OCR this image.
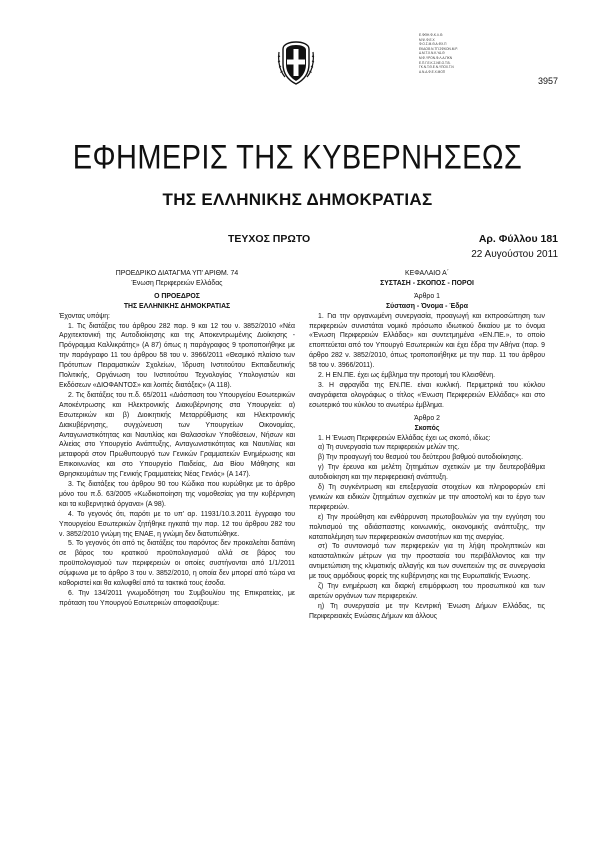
Ε.ΦΘΗ.Φ-Κ.Λ.Θ.
Μ.Ψ.Φ.Ε.Χ
Φ.Ο.Σ.Μ.Θ.Α.ΦΧ.Π
ΕΚΔΟΘ.Ν.ΤΠ.ΣΦΚΟΝ.Μ.Ρ.
Δ.Μ.Τ.Χ.Ν.Κ.ΥΔ.Θ
Μ.Φ.ΥΡΟΝ.Φ.Λ.Α.ΠΚΝ
Ε.Π.Γ.Ε.Κ.Σ.ΝΕ.Ο.Τ.Β.
ΓΚ.Ν.Τ.Θ.Ε.Ν.ΥΠΟΧ.Τ.Ν
Α.Ν.Δ.Φ.Ε.Χ.ΜΟΠ
3957
ΕΦΗΜΕΡΙΣ ΤΗΣ ΚΥΒΕΡΝΗΣΕΩΣ
ΤΗΣ ΕΛΛΗΝΙΚΗΣ ΔΗΜΟΚΡΑΤΙΑΣ
ΤΕΥΧΟΣ ΠΡΩΤΟ	Αρ. Φύλλου 181
22 Αυγούστου 2011

ΠΡΟΕΔΡΙΚΟ ΔΙΑΤΑΓΜΑ ΥΠ’ ΑΡΙΘΜ. 74

Ένωση Περιφερειών Ελλάδας

Ο ΠΡΟΕΔΡΟΣ

ΤΗΣ ΕΛΛΗΝΙΚΗΣ ΔΗΜΟΚΡΑΤΙΑΣ

Έχοντας υπόψη:

1. Τις διατάξεις του άρθρου 282 παρ. 9 και 12 του ν. 3852/2010 «Νέα Αρχιτεκτονική της Αυτοδιοίκησης και της Αποκεντρωμένης Διοίκησης - Πρόγραμμα Καλλικράτης» (Α 87) όπως η παράγραφος 9 τροποποιήθηκε με την παράγραφο 11 του άρθρου 58 του ν. 3966/2011 «Θεσμικό πλαίσιο των Πρότυπων Πειραματικών Σχολείων, Ίδρυση Ινστιτούτου Εκπαιδευτικής Πολιτικής, Οργάνωση του Ινστιτούτου Τεχνολογίας Υπολογιστών και Εκδόσεων «ΔΙΟΦΑΝΤΟΣ» και λοιπές διατάξεις» (Α 118).

2. Τις διατάξεις του π.δ. 65/2011 «Διάσπαση του Υπουργείου Εσωτερικών Αποκέντρωσης και Ηλεκτρονικής Διακυβέρνησης στα Υπουργεία: α) Εσωτερικών και β) Διοικητικής Μεταρρύθμισης και Ηλεκτρονικής Διακυβέρνησης, συγχώνευση των Υπουργείων Οικονομίας, Ανταγωνιστικότητας και Ναυτιλίας και Θαλασσίων Υποθέσεων, Νήσων και Αλιείας στο Υπουργείο Ανάπτυξης, Ανταγωνιστικότητας και Ναυτιλίας και μεταφορά στον Πρωθυπουργό των Γενικών Γραμματειών Ενημέρωσης και Επικοινωνίας και στο Υπουργείο Παιδείας, Δια Βίου Μάθησης και Θρησκευμάτων της Γενικής Γραμματείας Νέας Γενιάς» (Α 147).

3. Τις διατάξεις του άρθρου 90 του Κώδικα που κυρώθηκε με το άρθρο μόνο του π.δ. 63/2005 «Κωδικοποίηση της νομοθεσίας για την κυβέρνηση και τα κυβερνητικά όργανα» (Α 98).

4. Το γεγονός ότι, παρότι με το υπ’ αρ. 11931/10.3.2011 έγγραφο του Υπουργείου Εσωτερικών ζητήθηκε ηγκατά την παρ. 12 του άρθρου 282 του ν. 3852/2010 γνώμη της ΕΝΑΕ, η γνώμη δεν διατυπώθηκε.

5. Το γεγονός ότι από τις διατάξεις του παρόντος δεν προκαλείται δαπάνη σε βάρος του κρατικού προϋπολογισμού αλλά σε βάρος του προϋπολογισμού των περιφερειών οι οποίες συστήνονται από 1/1/2011 σύμφωνα με το άρθρο 3 του ν. 3852/2010, η οποία δεν μπορεί από τώρα να καθοριστεί και θα καλυφθεί από τα τακτικά τους έσοδα.

6. Την 134/2011 γνωμοδότηση του Συμβουλίου της Επικρατείας, με πρόταση του Υπουργού Εσωτερικών αποφασίζουμε:

ΚΕΦΑΛΑΙΟ Α΄

ΣΥΣΤΑΣΗ - ΣΚΟΠΟΣ - ΠΟΡΟΙ

Άρθρο 1

Σύσταση - Όνομα - Έδρα

1. Για την οργανωμένη συνεργασία, προαγωγή και εκπροσώπηση των περιφερειών συνιστάται νομικό πρόσωπο ιδιωτικού δικαίου με το όνομα «Ένωση Περιφερειών Ελλάδας» και συντετμημένα «ΕΝ.ΠΕ.», το οποίο εποπτεύεται από τον Υπουργό Εσωτερικών και έχει έδρα την Αθήνα (παρ. 9 άρθρο 282 ν. 3852/2010, όπως τροποποιήθηκε με την παρ. 11 του άρθρου 58 του ν. 3966/2011).

2. Η ΕΝ.ΠΕ. έχει ως έμβλημα την προτομή του Κλεισθένη.

3. Η σφραγίδα της ΕΝ.ΠΕ. είναι κυκλική. Περιμετρικά του κύκλου αναγράφεται ολογράφως ο τίτλος «Ένωση Περιφερειών Ελλάδας» και στο εσωτερικό του κύκλου το ανωτέρω έμβλημα.

Άρθρο 2

Σκοπός

1. Η Ένωση Περιφερειών Ελλάδας έχει ως σκοπό, ιδίως:

α) Τη συνεργασία των περιφερειών μελών της.

β) Την προαγωγή του θεσμού του δεύτερου βαθμού αυτοδιοίκησης.

γ) Την έρευνα και μελέτη ζητημάτων σχετικών με την δευτεροβάθμια αυτοδιοίκηση και την περιφερειακή ανάπτυξη.

δ) Τη συγκέντρωση και επεξεργασία στοιχείων και πληροφοριών επί γενικών και ειδικών ζητημάτων σχετικών με την αποστολή και το έργο των περιφερειών.

ε) Την προώθηση και ενθάρρυνση πρωτοβουλιών για την εγγύηση του πολιτισμού της αδιάσπαστης κοινωνικής, οικονομικής ανάπτυξης, την καταπολέμηση των περιφερειακών ανισοτήτων και της ανεργίας.

στ) Το συντονισμό των περιφερειών για τη λήψη προληπτικών και κατασταλτικών μέτρων για την προστασία του περιβάλλοντος και την αντιμετώπιση της κλιματικής αλλαγής και των συνεπειών της σε συνεργασία με τους αρμόδιους φορείς της κυβέρνησης και της Ευρωπαϊκής Ένωσης.

ζ) Την ενημέρωση και διαρκή επιμόρφωση του προσωπικού και των αιρετών οργάνων των περιφερειών.

η) Τη συνεργασία με την Κεντρική Ένωση Δήμων Ελλάδας, τις Περιφερειακές Ενώσεις Δήμων και άλλους
